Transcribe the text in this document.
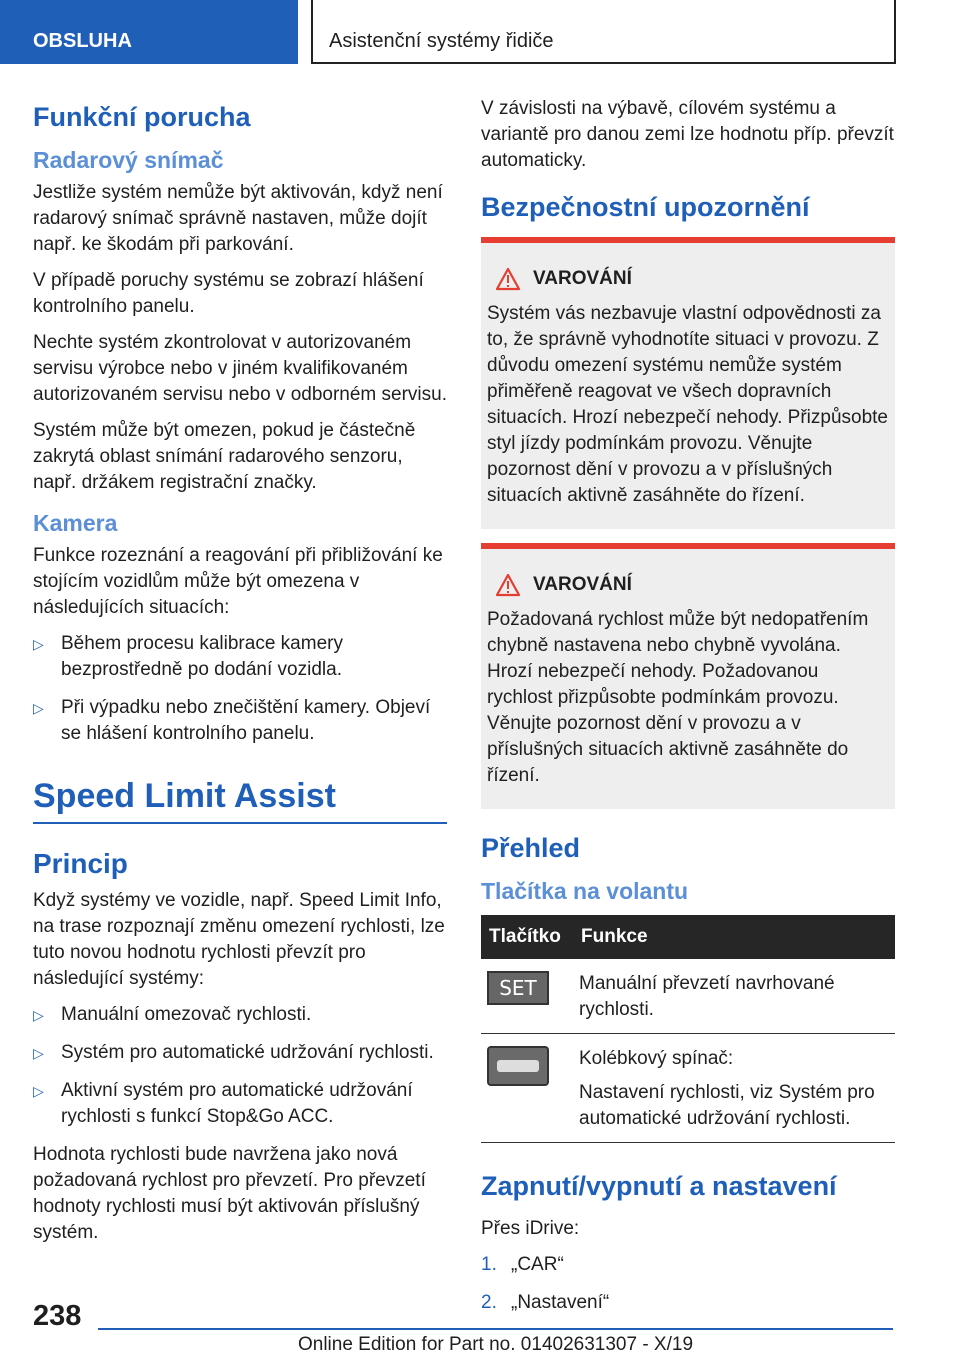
OBSLUHA	Asistenční systémy řidiče
Funkční porucha
Radarový snímač

Jestliže systém nemůže být aktivován, když není radarový snímač správně nastaven, může dojít např. ke škodám při parkování.

V případě poruchy systému se zobrazí hlášení kontrolního panelu.

Nechte systém zkontrolovat v autorizovaném servisu výrobce nebo v jiném kvalifikovaném autorizovaném servisu nebo v odborném servisu.

Systém může být omezen, pokud je částečně zakrytá oblast snímání radarového senzoru, např. držákem registrační značky.

Kamera

Funkce rozeznání a reagování při přibližování ke stojícím vozidlům může být omezena v následujících situacích:

▷ Během procesu kalibrace kamery bezprostředně po dodání vozidla.
▷ Při výpadku nebo znečištění kamery. Objeví se hlášení kontrolního panelu.
Speed Limit Assist
Princip

Když systémy ve vozidle, např. Speed Limit Info, na trase rozpoznají změnu omezení rychlosti, lze tuto novou hodnotu rychlosti převzít pro následující systémy:

▷ Manuální omezovač rychlosti.
▷ Systém pro automatické udržování rychlosti.
▷ Aktivní systém pro automatické udržování rychlosti s funkcí Stop&Go ACC.

Hodnota rychlosti bude navržena jako nová požadovaná rychlost pro převzetí. Pro převzetí hodnoty rychlosti musí být aktivován příslušný systém.

V závislosti na výbavě, cílovém systému a variantě pro danou zemi lze hodnotu příp. převzít automaticky.

Bezpečnostní upozornění
VAROVÁNÍ

Systém vás nezbavuje vlastní odpovědnosti za to, že správně vyhodnotíte situaci v provozu. Z důvodu omezení systému nemůže systém přiměřeně reagovat ve všech dopravních situacích. Hrozí nebezpečí nehody. Přizpůsobte styl jízdy podmínkám provozu. Věnujte pozornost dění v provozu a v příslušných situacích aktivně zasáhněte do řízení.

VAROVÁNÍ

Požadovaná rychlost může být nedopatřením chybně nastavena nebo chybně vyvolána. Hrozí nebezpečí nehody. Požadovanou rychlost přizpůsobte podmínkám provozu. Věnujte pozornost dění v provozu a v příslušných situacích aktivně zasáhněte do řízení.

Přehled
Tlačítka na volantu
Tlačítko	Funkce

SET	Manuální převzetí navrhované rychlosti.

	Kolébkový spínač:
Nastavení rychlosti, viz Systém pro automatické udržování rychlosti.
Zapnutí/vypnutí a nastavení

Přes iDrive:

1. „CAR“
2. „Nastavení“
238
Online Edition for Part no. 01402631307 - X/19
